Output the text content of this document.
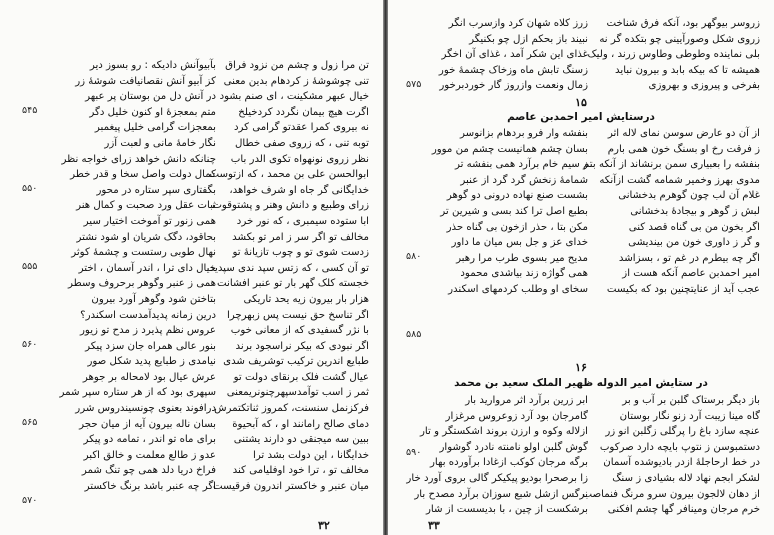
تن مرا زول و چشم من نزود فراق
تنی چوشوشهٔ ز کردهام بدین معنی
خیال عبهر مشکینت ، ای صنم بشود
اگرت هیچ بیمان نگردد کردخیلخ
نه بیروی کمرا عقدتو گرامی کرد
توبه تنی ، که زروی صفی خطال
نظر زروی نونهواه تکوی الدر باب
ابوالحسن علی بن محمد ، که ازتوست
خدایگانی گر جاه او شرف خواهد،
زرای وطبیع و دانش وهنر و پشتوقوت
ابا ستوده سیمبری ، که نور خرد
مخالف تو اگر سر ز امر تو بکشد
زدست شوی تو و چوب تازیانهٔ تو
تو آن کسی ، که زتس سپد ندی سپدید
خجسته کلک گهر بار تو عنبر افشانت
هزار بار بیرون زیه یحد تاریکی
اگر تناسخ حق نیست پس زبهرچرا
با نژر گسفیدی که از معانی خوب
اگر نبودی که بیکر نراسجود برند
طبایع اندرین ترکیب توشریف شدی
عیال گشت فلک برنقای دولت تو
ثمر ز اسب توآمدسپهرچنونریمعنی
فرکزنمل سنسنت، کمروز ثناتکتمرش
دمای صالح رامانند او ، که آبحیوة
ببین سه میجنقی دو دارند یشتنی
خدایگانا ، این دولت بشد ترا
مخالف تو ، ترا خود اوفلیامی کند
میان عنبر و خاکستر اندرون فرقیست
بآبیوآنش دادیکه : رو بسوز دیر
کز آبیو آنش نقصانیافت شوشهٔ زر
در آنش دل من بوستان پر عبهر
متم بمعجزهٔ او کنون خلیل دگر
بمعجزات گرامی خلیل پیغمبر
نگار خامهٔ مانی و لعبت آزر
چنانکه دانش خواهد زرای خواجه نظر
کمال دولت واصل سخا و قدر خطر
بگفتاری سپر ستاره در محور
ثبات عقل ورد صحبت و کمال هنر
همی زنور تو آموخت اختیار سیر
بحاقود، دگک شریان او شود نشتر
نهال طوبی رستست و چشمهٔ کوثر
خیال دای ترا ، اندر آسمان ، اختر
همی ز عنبر وگوهر برحروف وسطر
بتاختن شود وگوهر آورد بیرون
درین زمانه پدیدآمدست اسکندر؟
عروس نظم پذیرد ز مدح تو زیور
بنور عالی همراه جان سزد پیکر
نیامدی ز طبایع پدید شکل صور
عرش عیال بود لامحاله بر جوهر
سپهری بود که از هر ستاره سپر شمر
درافوند بعنوی چونسیندروس شرر
بسان ناله بیرون آیه از میان حجر
برای ماه تو اندر ، تمامه دو پیکر
عدو ز طالع معلمت و خالق اکبر
فراخ دریا دلد همی چو تنگ شمر
اگر چه عنبر باشد برنگ خاکستر
۵۴۵
۵۵۰
۵۵۵
۵۶۰
۵۶۵
۵۷۰
۳۲
زروسر بیوگهر بود، آنکه فرق شناخت
زروی شکل وصورآیینی چو بتکده گر نه
بلی نماینده وطوطی وطاوس زرند ، ولیک
همیشه تا که بیکه بابد و بیرون نباید
بفرخی و پیروزی و بهروزی
زرز کلاه شهان کرد وازسرب انگر
نبیند باز بحکم ازل چو بکنیگر
غذای این شکر آمد ، غذای آن اخگر
زسنگ تابش ماه وزخاک چشمهٔ خور
زمال ونعمت وازروز گار خوردبرخور
۵۷۵
۱۵
درستایش امیر احمدبن عاصم
از آن دو عارض سوسن نمای لاله اثر
ز فرقت رخ او بسنگ خون همی بارم
بنفشه را بعبیاری سمن برنشاند از آنکه بتم
مدوی بهرز وخمیر شمامه گشت ازآنکه
غلام آن لب چون گوهرم بدخشانی
لبش ز گوهر و بیجادهٔ بدخشانی
اگر بخون من بی گناه قصد کنی
و گر ز داوری خون من بیندیشی
اگر چه بیطرم در غم تو ، بسزاشد
امیر احمدبن عاصم آنکه هست از
عجب آید از عنایتچنین بود که بکیست
بنفشه وار فرو بردهام بزانوسر
بسان چشم همانیست چشم من موور
ز سیم خام برآرد همی بنفشه تر
شمامهٔ زنخش گرد گرد از عنبر
بشست صنع نهاده درونی دو گوهر
بطبع اصل ترا کند بسی و شیرین تر
مکن بتا ، حذر ازخون بی گناه حذر
خدای عز و جل بس میان ما داور
مدیح میر بسوی طرب مرا رهبر
همی گواژه زند بیاشدی محمود
سخای او وطلب کردمهای اسکندر
۵۸۰
۵۸۵
۱۶
در ستایش امیر الدوله ظهیر الملک سعید بن محمد
باز دیگر برستاک گلبن بر آب و بر
گاه مینا زیبت آرد زنو نگار بوستان
عنچه سازد باغ را پرگلی زگلبن انو زر
دستمبوسن ز نتوپ بایچه دارد صرکوب
در خط ارحاجلهٔ ازدر بادیوشده آسمان
لشکر ابجم نهاد لاله بشیادی ز سنگ
از دهان لالجون بیرون سرو مرنگ فنماصب
خرم مرجان ومینافر گها چشم افکنی
ابر زرین برآرد اثر مروارید بار
گامرجان بود آرد زوعروس مرغزار
ازلاله وکوه و ارزن بروند اشکستگر و تار
گوش گلبن اولو نامنته نادرد گوشوار
برگه مرجان کوکب ازغادا برآورده بهار
زا برصحرا بودیو پیکیکر گالی بروی آورد خار
نرگس ازشل شبع سوزان برآرد مصدح بار
برشکست از چین ، با بدیسست از شار
۵۹۰
۳۳
